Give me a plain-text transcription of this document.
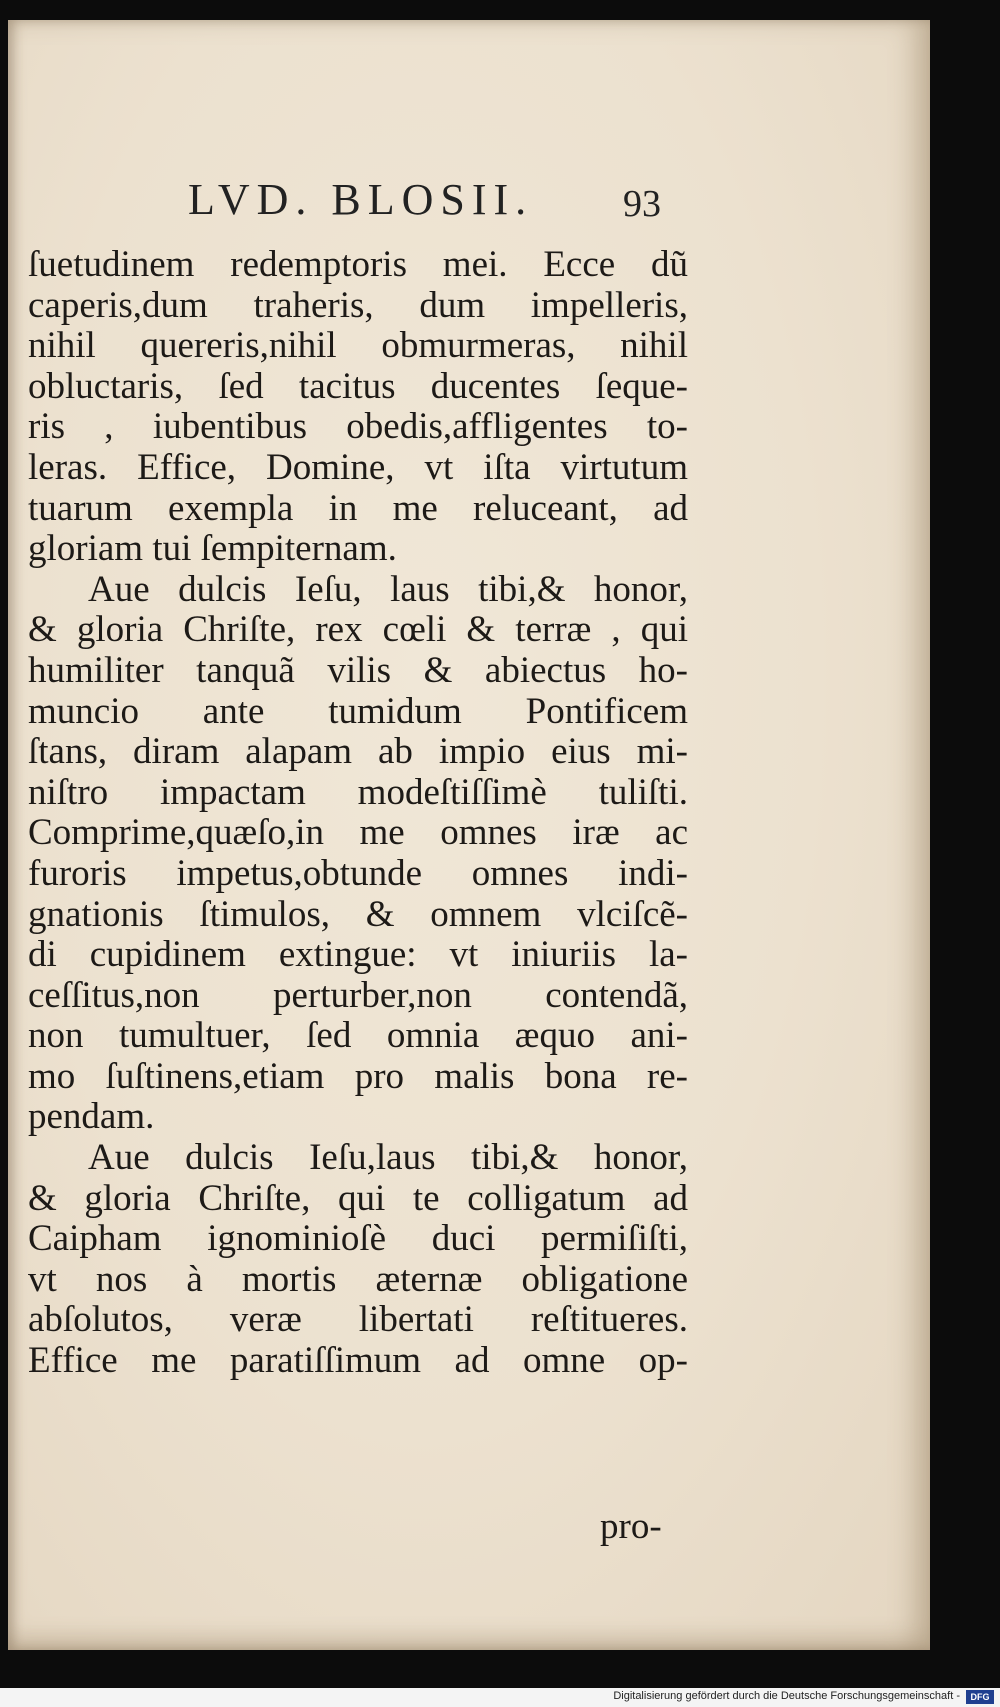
LVD. BLOSII. 93
ſuetudinem redemptoris mei. Ecce dũ
caperis,dum traheris, dum impelleris,
nihil quereris,nihil obmurmeras, nihil
obluctaris, ſed tacitus ducentes ſeque-
ris , iubentibus obedis,affligentes to-
leras. Effice, Domine, vt iſta virtutum
tuarum exempla in me reluceant, ad
gloriam tui ſempiternam.
Aue dulcis Ieſu, laus tibi,& honor,
& gloria Chriſte, rex cœli & terræ , qui
humiliter tanquã vilis & abiectus ho-
muncio ante tumidum Pontificem
ſtans, diram alapam ab impio eius mi-
niſtro impactam modeſtiſſimè tuliſti.
Comprime,quæſo,in me omnes iræ ac
furoris impetus,obtunde omnes indi-
gnationis ſtimulos, & omnem vlciſcẽ-
di cupidinem extingue: vt iniuriis la-
ceſſitus,non perturber,non contendã,
non tumultuer, ſed omnia æquo ani-
mo ſuſtinens,etiam pro malis bona re-
pendam.
Aue dulcis Ieſu,laus tibi,& honor,
& gloria Chriſte, qui te colligatum ad
Caipham ignominioſè duci permiſiſti,
vt nos à mortis æternæ obligatione
abſolutos, veræ libertati reſtitueres.
Effice me paratiſſimum ad omne op-
pro-
Digitalisierung gefördert durch die Deutsche Forschungsgemeinschaft -	DFG
